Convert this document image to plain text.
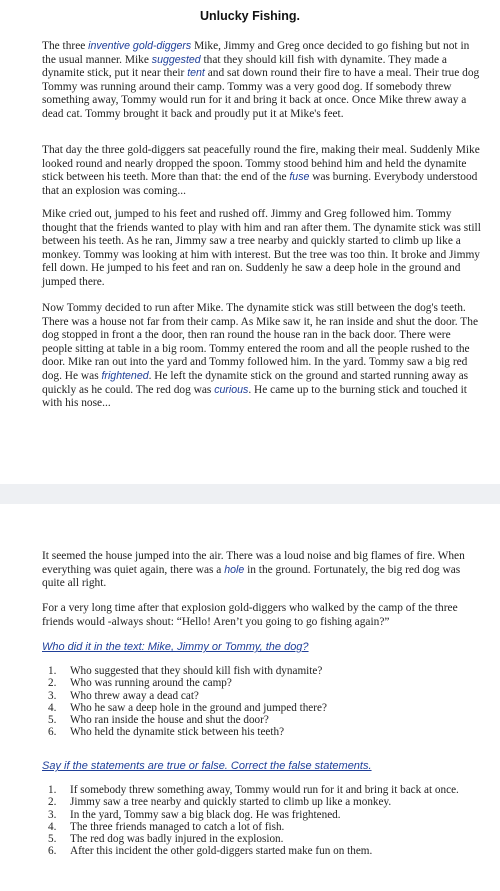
Unlucky Fishing.

The three inventive gold-diggers Mike, Jimmy and Greg once decided to go fishing but not in the usual manner. Mike suggested that they should kill fish with dynamite. They made a dynamite stick, put it near their tent and sat down round their fire to have a meal. Their true dog Tommy was running around their camp. Tommy was a very good dog. If somebody threw something away, Tommy would run for it and bring it back at once. Once Mike threw away a dead cat. Tommy brought it back and proudly put it at Mike's feet.

That day the three gold-diggers sat peacefully round the fire, making their meal. Suddenly Mike looked round and nearly dropped the spoon. Tommy stood behind him and held the dynamite stick between his teeth. More than that: the end of the fuse was burning. Everybody understood that an explosion was coming...

Mike cried out, jumped to his feet and rushed off. Jimmy and Greg followed him. Tommy thought that the friends wanted to play with him and ran after them. The dynamite stick was still between his teeth. As he ran, Jimmy saw a tree nearby and quickly started to climb up like a monkey. Tommy was looking at him with interest. But the tree was too thin. It broke and Jimmy fell down. He jumped to his feet and ran on. Suddenly he saw a deep hole in the ground and jumped there.

Now Tommy decided to run after Mike. The dynamite stick was still between the dog's teeth. There was a house not far from their camp. As Mike saw it, he ran inside and shut the door. The dog stopped in front a the door, then ran round the house ran in the back door. There were people sitting at table in a big room. Tommy entered the room and all the people rushed to the door. Mike ran out into the yard and Tommy followed him. In the yard. Tommy saw a big red dog. He was frightened. He left the dynamite stick on the ground and started running away as quickly as he could. The red dog was curious. He came up to the burning stick and touched it with his nose...

It seemed the house jumped into the air. There was a loud noise and big flames of fire. When everything was quiet again, there was a hole in the ground. Fortunately, the big red dog was quite all right.

For a very long time after that explosion gold-diggers who walked by the camp of the three friends would -always shout: “Hello! Aren’t you going to go fishing again?”

Who did it in the text: Mike, Jimmy or Tommy, the dog?

1. Who suggested that they should kill fish with dynamite?
2. Who was running around the camp?
3. Who threw away a dead cat?
4. Who he saw a deep hole in the ground and jumped there?
5. Who ran inside the house and shut the door?
6. Who held the dynamite stick between his teeth?

Say if the statements are true or false. Correct the false statements.

1. If somebody threw something away, Tommy would run for it and bring it back at once.
2. Jimmy saw a tree nearby and quickly started to climb up like a monkey.
3. In the yard, Tommy saw a big black dog. He was frightened.
4. The three friends managed to catch a lot of fish.
5. The red dog was badly injured in the explosion.
6. After this incident the other gold-diggers started make fun on them.
